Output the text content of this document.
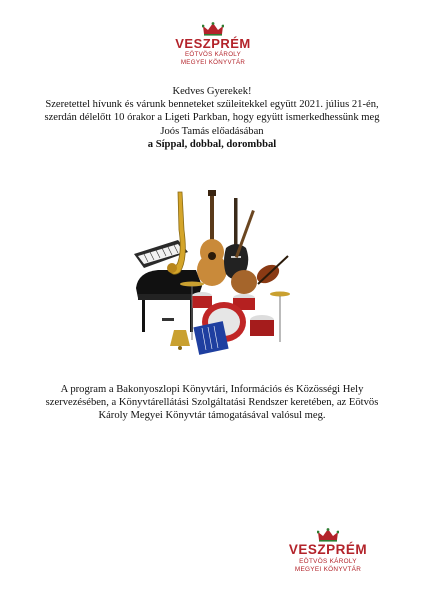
VESZPRÉM
EÖTVÖS KÁROLY
MEGYEI KÖNYVTÁR

Kedves Gyerekek!

Szeretettel hívunk és várunk benneteket szüleitekkel együtt 2021. július 21-én, szerdán délelőtt 10 órakor a Ligeti Parkban, hogy együtt ismerkedhessünk meg Joós Tamás előadásában

a Síppal, dobbal, dorombbal

A program a Bakonyoszlopi Könyvtári, Információs és Közösségi Hely szervezésében, a Könyvtárellátási Szolgáltatási Rendszer keretében, az Eötvös Károly Megyei Könyvtár támogatásával valósul meg.

VESZPRÉM
EÖTVÖS KÁROLY
MEGYEI KÖNYVTÁR
